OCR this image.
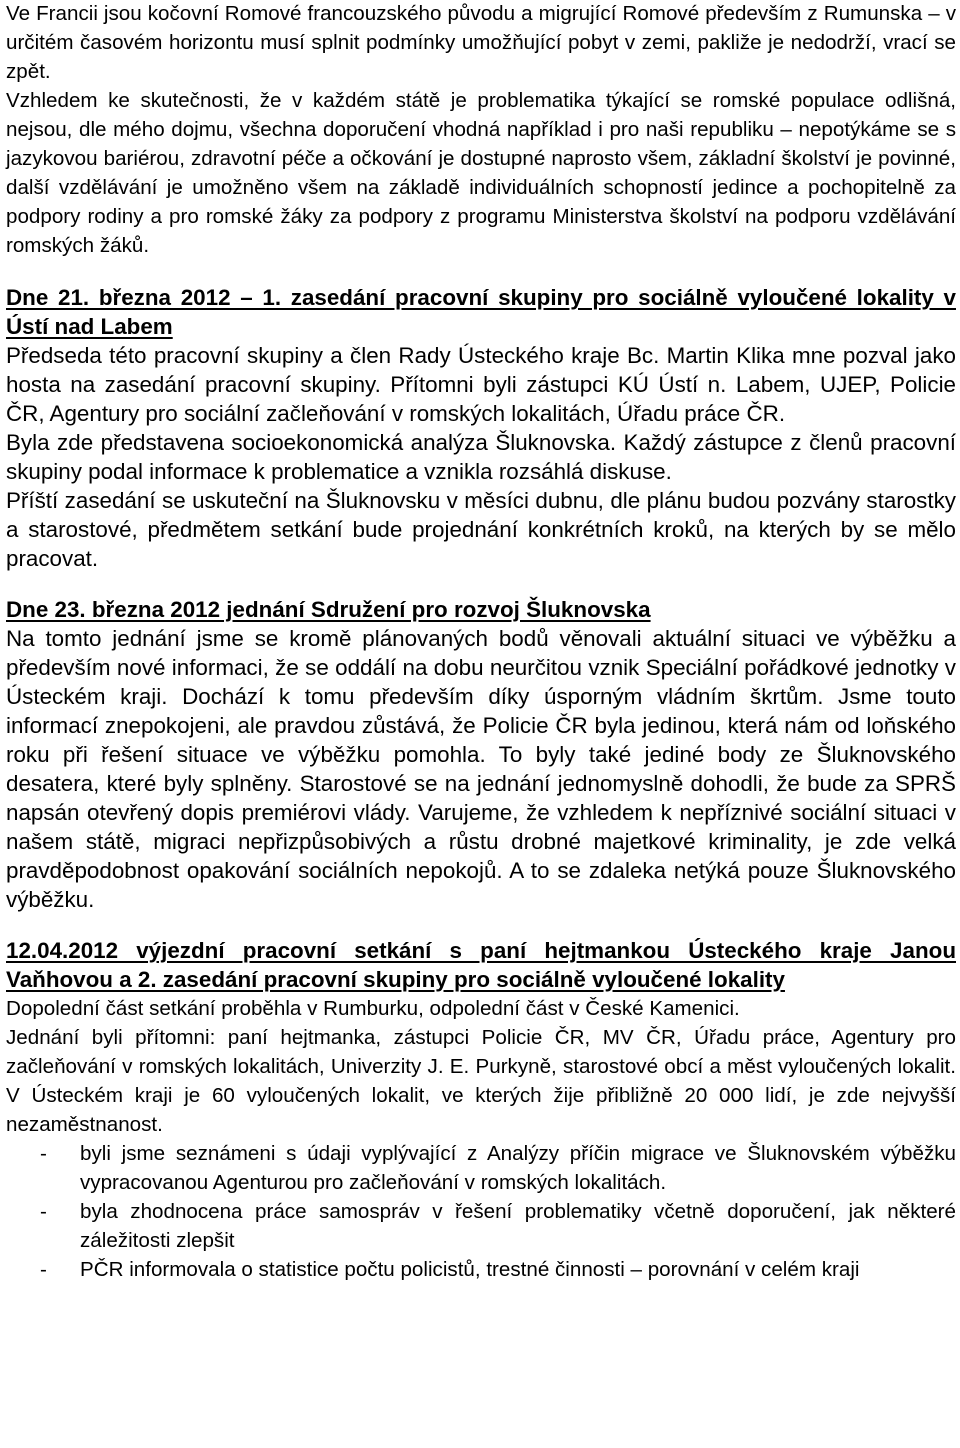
Ve Francii jsou kočovní Romové francouzského původu a migrující Romové především z Rumunska – v určitém časovém horizontu musí splnit podmínky umožňující pobyt v zemi, pakliže je nedodrží, vrací se zpět.

Vzhledem ke skutečnosti, že v každém státě je problematika týkající se romské populace odlišná, nejsou, dle mého dojmu, všechna doporučení vhodná například i pro naši republiku – nepotýkáme se s jazykovou bariérou, zdravotní péče a očkování je dostupné naprosto všem, základní školství je povinné, další vzdělávání je umožněno všem na základě individuálních schopností jedince a pochopitelně za podpory rodiny a pro romské žáky za podpory z programu Ministerstva školství na podporu vzdělávání romských žáků.

Dne 21. března 2012 – 1. zasedání pracovní skupiny pro sociálně vyloučené lokality v Ústí nad Labem

Předseda této pracovní skupiny a člen Rady Ústeckého kraje Bc. Martin Klika mne pozval jako hosta na zasedání pracovní skupiny. Přítomni byli zástupci KÚ Ústí n. Labem, UJEP, Policie ČR, Agentury pro sociální začleňování v romských lokalitách, Úřadu práce ČR.

Byla zde představena socioekonomická analýza Šluknovska. Každý zástupce z členů pracovní skupiny podal informace k problematice a vznikla rozsáhlá diskuse.

Příští zasedání se uskuteční na Šluknovsku v měsíci dubnu, dle plánu budou pozvány starostky a starostové, předmětem setkání bude projednání konkrétních kroků, na kterých by se mělo pracovat.

Dne 23. března 2012 jednání Sdružení pro rozvoj Šluknovska

Na tomto jednání jsme se kromě plánovaných bodů věnovali aktuální situaci ve výběžku a především nové informaci, že se oddálí na dobu neurčitou vznik Speciální pořádkové jednotky v Ústeckém kraji. Dochází k tomu především díky úsporným vládním škrtům. Jsme touto informací znepokojeni, ale pravdou zůstává, že Policie ČR byla jedinou, která nám od loňského roku při řešení situace ve výběžku pomohla. To byly také jediné body ze Šluknovského desatera, které byly splněny. Starostové se na jednání jednomyslně dohodli, že bude za SPRŠ napsán otevřený dopis premiérovi vlády. Varujeme, že vzhledem k nepříznivé sociální situaci v našem státě, migraci nepřizpůsobivých a růstu drobné majetkové kriminality, je zde velká pravděpodobnost opakování sociálních nepokojů. A to se zdaleka netýká pouze Šluknovského výběžku.

12.04.2012 výjezdní pracovní setkání s paní hejtmankou Ústeckého kraje Janou Vaňhovou a 2. zasedání pracovní skupiny pro sociálně vyloučené lokality

Dopolední část setkání proběhla v Rumburku, odpolední část v České Kamenici.

Jednání byli přítomni: paní hejtmanka, zástupci Policie ČR, MV ČR, Úřadu práce, Agentury pro začleňování v romských lokalitách, Univerzity J. E. Purkyně, starostové obcí a měst vyloučených lokalit. V Ústeckém kraji je 60 vyloučených lokalit, ve kterých žije přibližně 20 000 lidí, je zde nejvyšší nezaměstnanost.

- byli jsme seznámeni s údaji vyplývající z Analýzy příčin migrace ve Šluknovském výběžku vypracovanou Agenturou pro začleňování v romských lokalitách.
- byla zhodnocena práce samospráv v řešení problematiky včetně doporučení, jak některé záležitosti zlepšit
- PČR informovala o statistice počtu policistů, trestné činnosti – porovnání v celém kraji
